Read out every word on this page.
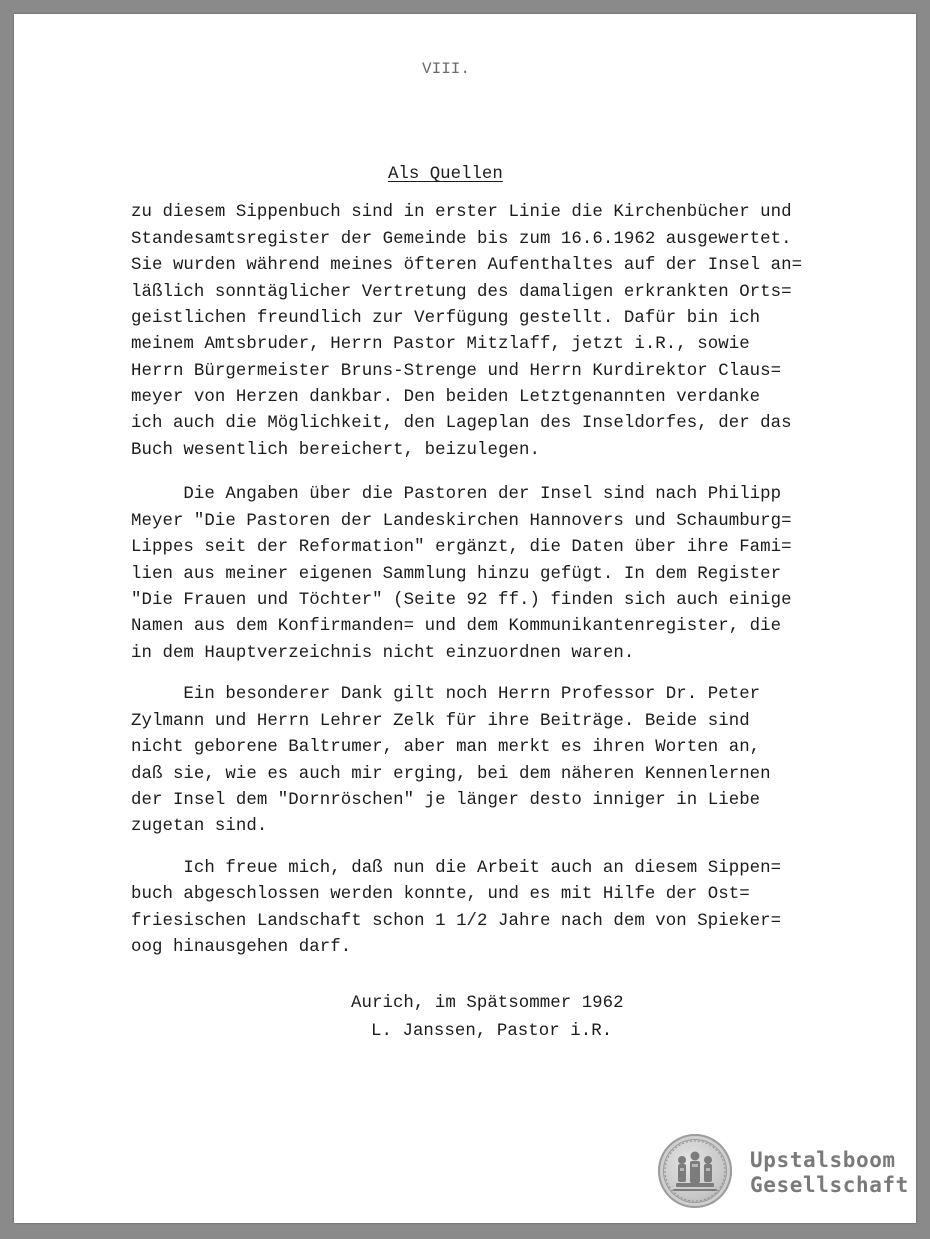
VIII.
Als Quellen
zu diesem Sippenbuch sind in erster Linie die Kirchenbücher und
Standesamtsregister der Gemeinde bis zum 16.6.1962 ausgewertet.
Sie wurden während meines öfteren Aufenthaltes auf der Insel an=
läßlich sonntäglicher Vertretung des damaligen erkrankten Orts=
geistlichen freundlich zur Verfügung gestellt. Dafür bin ich
meinem Amtsbruder, Herrn Pastor Mitzlaff, jetzt i.R., sowie
Herrn Bürgermeister Bruns-Strenge und Herrn Kurdirektor Claus=
meyer von Herzen dankbar. Den beiden Letztgenannten verdanke
ich auch die Möglichkeit, den Lageplan des Inseldorfes, der das
Buch wesentlich bereichert, beizulegen.
Die Angaben über die Pastoren der Insel sind nach Philipp
Meyer "Die Pastoren der Landeskirchen Hannovers und Schaumburg=
Lippes seit der Reformation" ergänzt, die Daten über ihre Fami=
lien aus meiner eigenen Sammlung hinzu gefügt. In dem Register
"Die Frauen und Töchter" (Seite 92 ff.) finden sich auch einige
Namen aus dem Konfirmanden= und dem Kommunikantenregister, die
in dem Hauptverzeichnis nicht einzuordnen waren.
Ein besonderer Dank gilt noch Herrn Professor Dr. Peter
Zylmann und Herrn Lehrer Zelk für ihre Beiträge. Beide sind
nicht geborene Baltrumer, aber man merkt es ihren Worten an,
daß sie, wie es auch mir erging, bei dem näheren Kennenlernen
der Insel dem "Dornröschen" je länger desto inniger in Liebe
zugetan sind.
Ich freue mich, daß nun die Arbeit auch an diesem Sippen=
buch abgeschlossen werden konnte, und es mit Hilfe der Ost=
friesischen Landschaft schon 1 1/2 Jahre nach dem von Spieker=
oog hinausgehen darf.
Aurich, im Spätsommer 1962
L. Janssen, Pastor i.R.
Upstalsboom
Gesellschaft
